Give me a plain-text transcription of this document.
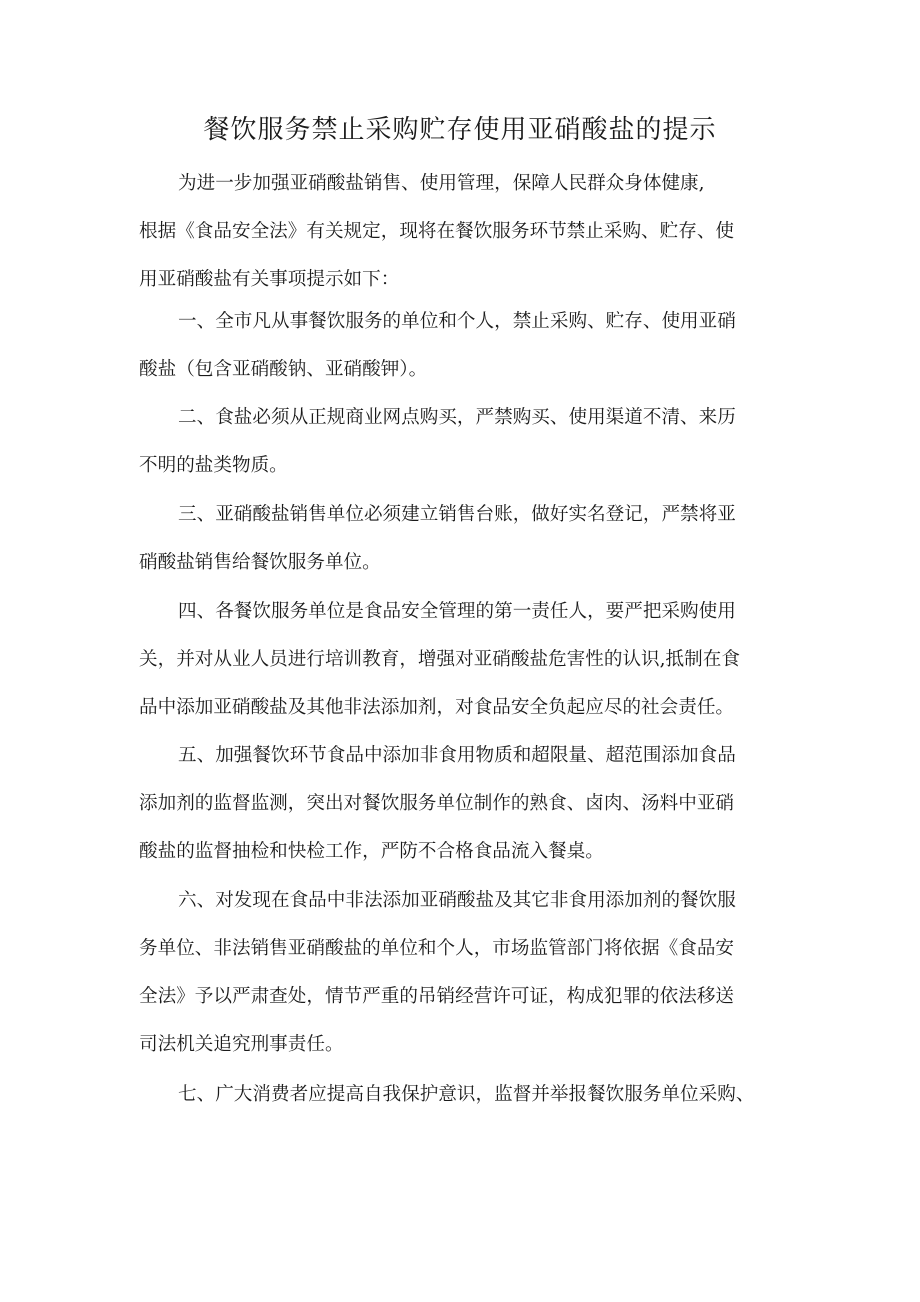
餐饮服务禁止采购贮存使用亚硝酸盐的提示
为进一步加强亚硝酸盐销售、使用管理，保障人民群众身体健康,
根据《食品安全法》有关规定，现将在餐饮服务环节禁止采购、贮存、使
用亚硝酸盐有关事项提示如下：
一、全市凡从事餐饮服务的单位和个人，禁止采购、贮存、使用亚硝
酸盐（包含亚硝酸钠、亚硝酸钾）。
二、食盐必须从正规商业网点购买，严禁购买、使用渠道不清、来历
不明的盐类物质。
三、亚硝酸盐销售单位必须建立销售台账，做好实名登记，严禁将亚
硝酸盐销售给餐饮服务单位。
四、各餐饮服务单位是食品安全管理的第一责任人，要严把采购使用
关，并对从业人员进行培训教育，增强对亚硝酸盐危害性的认识,抵制在食
品中添加亚硝酸盐及其他非法添加剂，对食品安全负起应尽的社会责任。
五、加强餐饮环节食品中添加非食用物质和超限量、超范围添加食品
添加剂的监督监测，突出对餐饮服务单位制作的熟食、卤肉、汤料中亚硝
酸盐的监督抽检和快检工作，严防不合格食品流入餐桌。
六、对发现在食品中非法添加亚硝酸盐及其它非食用添加剂的餐饮服
务单位、非法销售亚硝酸盐的单位和个人，市场监管部门将依据《食品安
全法》予以严肃查处，情节严重的吊销经营许可证，构成犯罪的依法移送
司法机关追究刑事责任。
七、广大消费者应提高自我保护意识，监督并举报餐饮服务单位采购、
